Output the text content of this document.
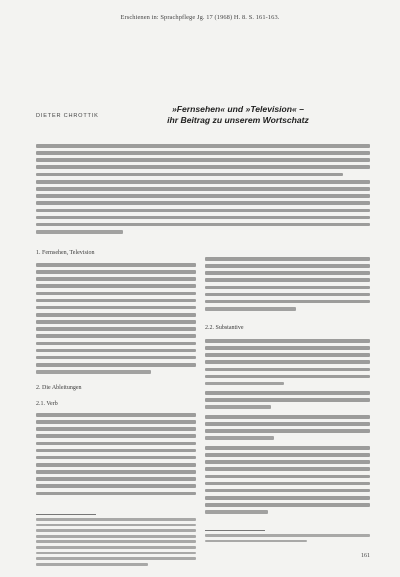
Erschienen in: Sprachpflege Jg. 17 (1968) H. 8. S. 161-163.
DIETER CHROTTIK
»Fernsehen« und »Television« –
ihr Beitrag zu unserem Wortschatz
1. Fernsehen, Television
2. Die Ableitungen
2.1. Verb
2.2. Substantive
161
